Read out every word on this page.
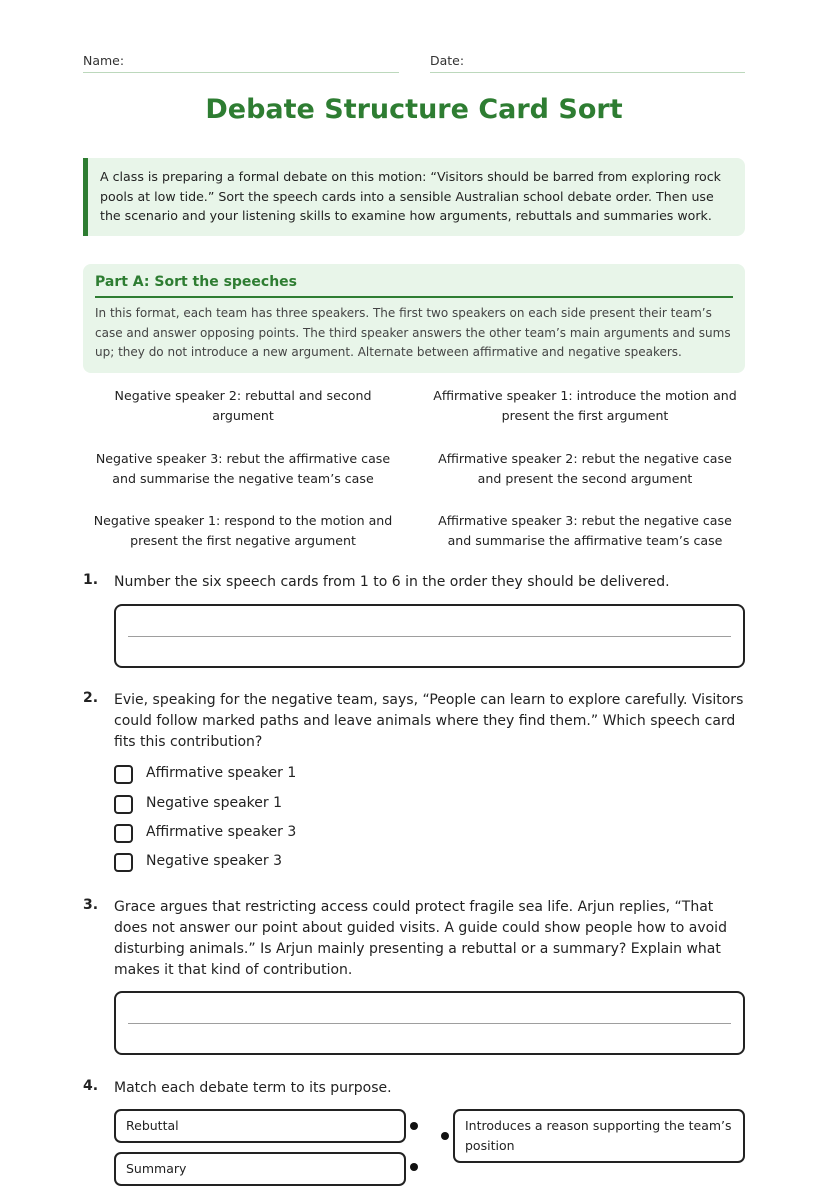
Name:	Date:
Debate Structure Card Sort
A class is preparing a formal debate on this motion: “Visitors should be barred from exploring rock pools at low tide.” Sort the speech cards into a sensible Australian school debate order. Then use the scenario and your listening skills to examine how arguments, rebuttals and summaries work.
Part A: Sort the speeches
In this format, each team has three speakers. The first two speakers on each side present their team’s case and answer opposing points. The third speaker answers the other team’s main arguments and sums up; they do not introduce a new argument. Alternate between affirmative and negative speakers.
Negative speaker 2: rebuttal and second argument
Affirmative speaker 1: introduce the motion and present the first argument
Negative speaker 3: rebut the affirmative case and summarise the negative team’s case
Affirmative speaker 2: rebut the negative case and present the second argument
Negative speaker 1: respond to the motion and present the first negative argument
Affirmative speaker 3: rebut the negative case and summarise the affirmative team’s case
1. Number the six speech cards from 1 to 6 in the order they should be delivered.
2. Evie, speaking for the negative team, says, “People can learn to explore carefully. Visitors could follow marked paths and leave animals where they find them.” Which speech card fits this contribution?
Affirmative speaker 1
Negative speaker 1
Affirmative speaker 3
Negative speaker 3
3. Grace argues that restricting access could protect fragile sea life. Arjun replies, “That does not answer our point about guided visits. A guide could show people how to avoid disturbing animals.” Is Arjun mainly presenting a rebuttal or a summary? Explain what makes it that kind of contribution.
4. Match each debate term to its purpose.
Rebuttal
Summary
Introduces a reason supporting the team’s position
